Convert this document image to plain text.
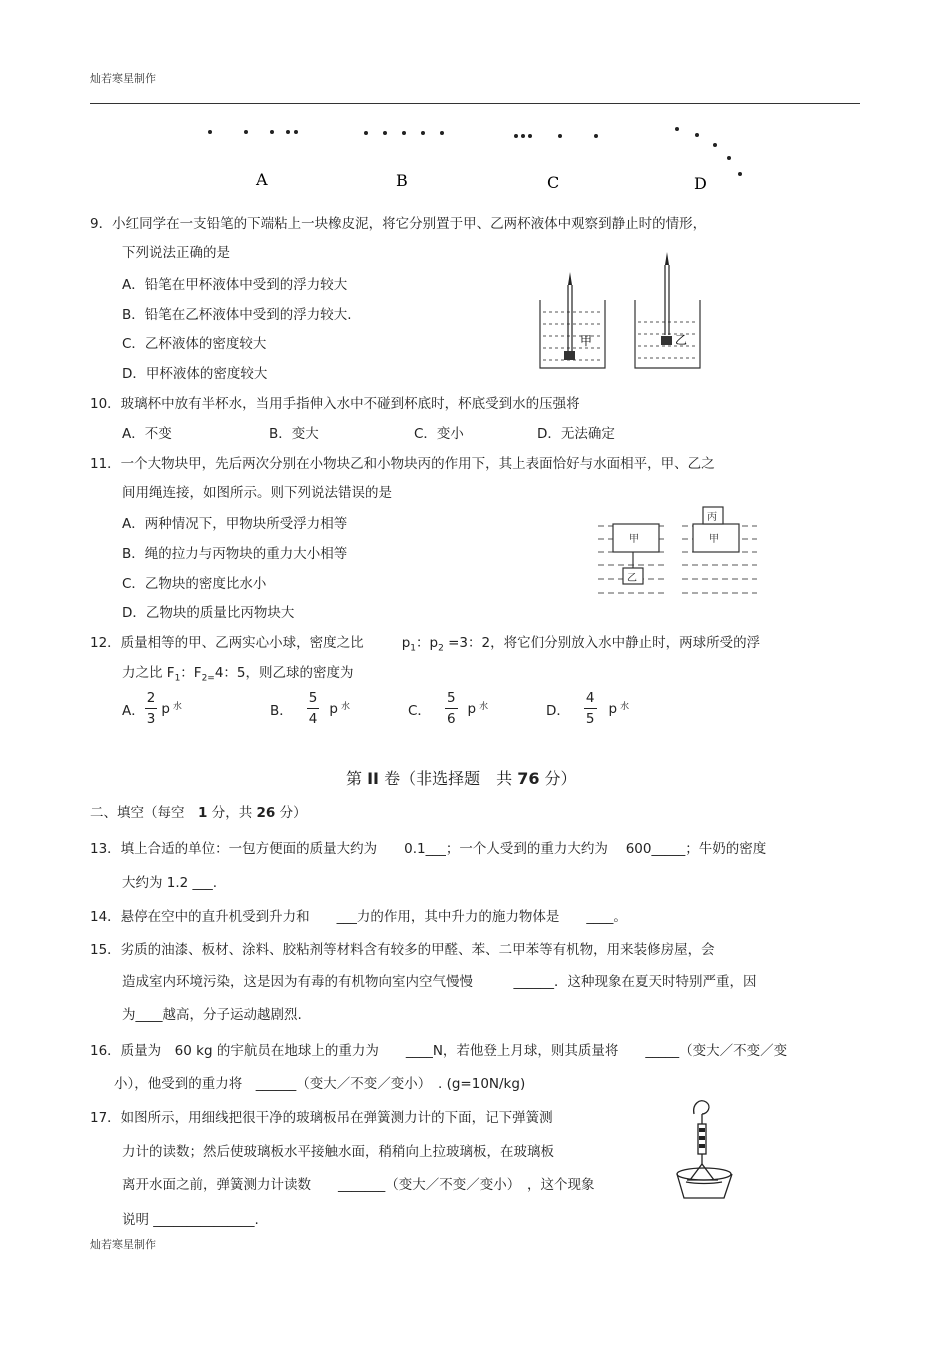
灿若寒星制作
A	B	C	D
9．小红同学在一支铅笔的下端粘上一块橡皮泥，将它分别置于甲、乙两杯液体中观察到静止时的情形，
下列说法正确的是
A．铅笔在甲杯液体中受到的浮力较大
B．铅笔在乙杯液体中受到的浮力较大.
C．乙杯液体的密度较大
D．甲杯液体的密度较大
甲	乙
10．玻璃杯中放有半杯水，当用手指伸入水中不碰到杯底时，杯底受到水的压强将
A．不变	B．变大	C．变小	D．无法确定
11．一个大物块甲，先后两次分别在小物块乙和小物块丙的作用下，其上表面恰好与水面相平，甲、乙之
间用绳连接，如图所示。则下列说法错误的是
A．两种情况下，甲物块所受浮力相等
B．绳的拉力与丙物块的重力大小相等
C．乙物块的密度比水小
D．乙物块的质量比丙物块大
甲
乙
丙
甲
12．质量相等的甲、乙两实心小球，密度之比	$p_1$：$p_2 =3$：2，将它们分别放入水中静止时，两球所受的浮
力之比 $F_1$：$F_{2=}4$：5，则乙球的密度为
A． $\frac{2}{3}$ p 水	B． $\frac{5}{4}$ p 水	C． $\frac{5}{6}$ p 水	D． $\frac{4}{5}$ p 水
第 II 卷（非选择题　共 76 分）
二、填空（每空　1 分，共 26 分）
13．填上合适的单位：一包方便面的质量大约为　　0.1___；一个人受到的重力大约为　 600_____；牛奶的密度
大约为 1.2 ___.
14．悬停在空中的直升机受到升力和　　___力的作用，其中升力的施力物体是　　____。
15．劣质的油漆、板材、涂料、胶粘剂等材料含有较多的甲醛、苯、二甲苯等有机物，用来装修房屋，会
造成室内环境污染，这是因为有毒的有机物向室内空气慢慢　　　______．这种现象在夏天时特别严重，因
为____越高，分子运动越剧烈.
16．质量为　60 kg 的宇航员在地球上的重力为　　____N，若他登上月球，则其质量将　　_____（变大／不变／变
小），他受到的重力将　______（变大／不变／变小）　. (g=10N/kg)
17．如图所示，用细线把很干净的玻璃板吊在弹簧测力计的下面，记下弹簧测
力计的读数；然后使玻璃板水平接触水面，稍稍向上拉玻璃板，在玻璃板
离开水面之前，弹簧测力计读数　　_______（变大／不变／变小）　，这个现象
说明 _______________.
灿若寒星制作
